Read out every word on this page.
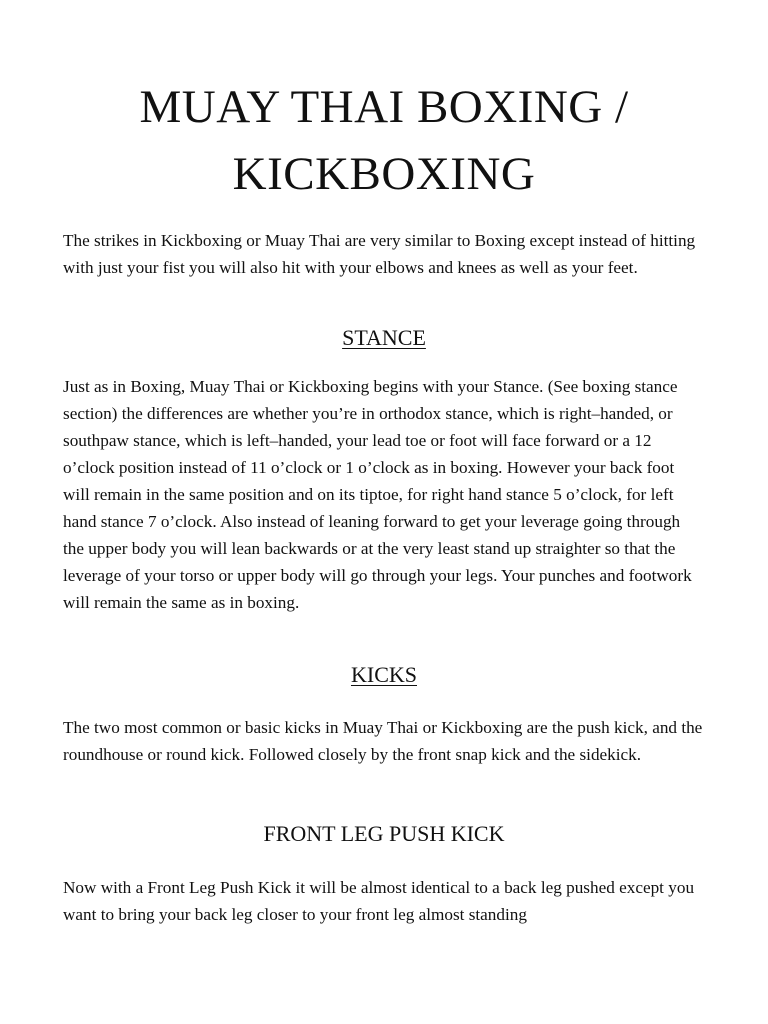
MUAY THAI BOXING /
KICKBOXING

The strikes in Kickboxing or Muay Thai are very similar to Boxing except instead of hitting with just your fist you will also hit with your elbows and knees as well as your feet.

STANCE

Just as in Boxing, Muay Thai or Kickboxing begins with your Stance. (See boxing stance section) the differences are whether you’re in orthodox stance, which is right–handed, or southpaw stance, which is left–handed, your lead toe or foot will face forward or a 12 o’clock position instead of 11 o’clock or 1 o’clock as in boxing. However your back foot will remain in the same position and on its tiptoe, for right hand stance 5 o’clock, for left hand stance 7 o’clock. Also instead of leaning forward to get your leverage going through the upper body you will lean backwards or at the very least stand up straighter so that the leverage of your torso or upper body will go through your legs. Your punches and footwork will remain the same as in boxing.

KICKS

The two most common or basic kicks in Muay Thai or Kickboxing are the push kick, and the roundhouse or round kick. Followed closely by the front snap kick and the sidekick.

FRONT LEG PUSH KICK

Now with a Front Leg Push Kick it will be almost identical to a back leg pushed except you want to bring your back leg closer to your front leg almost standing
